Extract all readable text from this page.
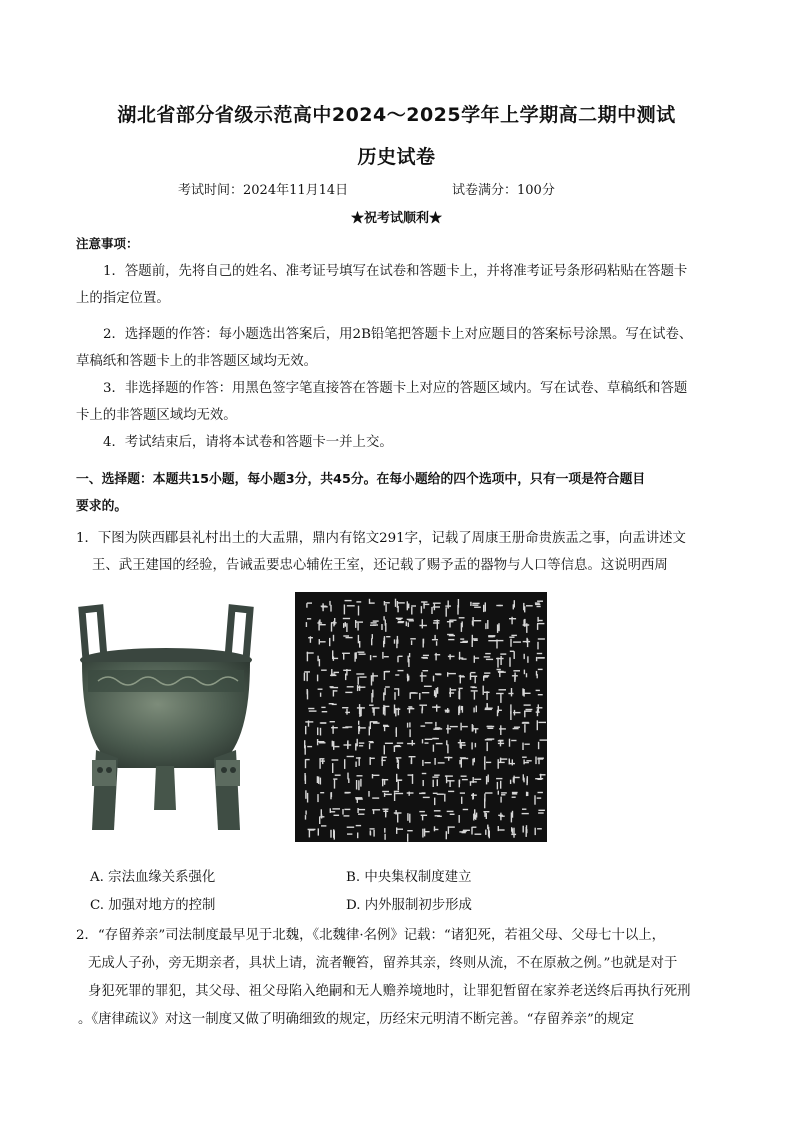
湖北省部分省级示范高中2024～2025学年上学期高二期中测试
历史试卷
考试时间：2024年11月14日	试卷满分：100分
★祝考试顺利★
注意事项：
1．答题前，先将自己的姓名、准考证号填写在试卷和答题卡上，并将准考证号条形码粘贴在答题卡
上的指定位置。
2．选择题的作答：每小题选出答案后，用2B铅笔把答题卡上对应题目的答案标号涂黑。写在试卷、
草稿纸和答题卡上的非答题区域均无效。
3．非选择题的作答：用黑色签字笔直接答在答题卡上对应的答题区域内。写在试卷、草稿纸和答题
卡上的非答题区域均无效。
4．考试结束后，请将本试卷和答题卡一并上交。
一、选择题：本题共15小题，每小题3分，共45分。在每小题给的四个选项中，只有一项是符合题目
要求的。
1．下图为陕西郿县礼村出土的大盂鼎，鼎内有铭文291字，记载了周康王册命贵族盂之事，向盂讲述文
王、武王建国的经验，告诫盂要忠心辅佐王室，还记载了赐予盂的器物与人口等信息。这说明西周
A. 宗法血缘关系强化	B. 中央集权制度建立
C. 加强对地方的控制	D. 内外服制初步形成
2．“存留养亲”司法制度最早见于北魏，《北魏律·名例》记载：“诸犯死，若祖父母、父母七十以上，
无成人子孙，旁无期亲者，具状上请，流者鞭笞，留养其亲，终则从流，不在原赦之例。”也就是对于
身犯死罪的罪犯，其父母、祖父母陷入绝嗣和无人赡养境地时，让罪犯暂留在家养老送终后再执行死刑
。《唐律疏议》对这一制度又做了明确细致的规定，历经宋元明清不断完善。“存留养亲”的规定
